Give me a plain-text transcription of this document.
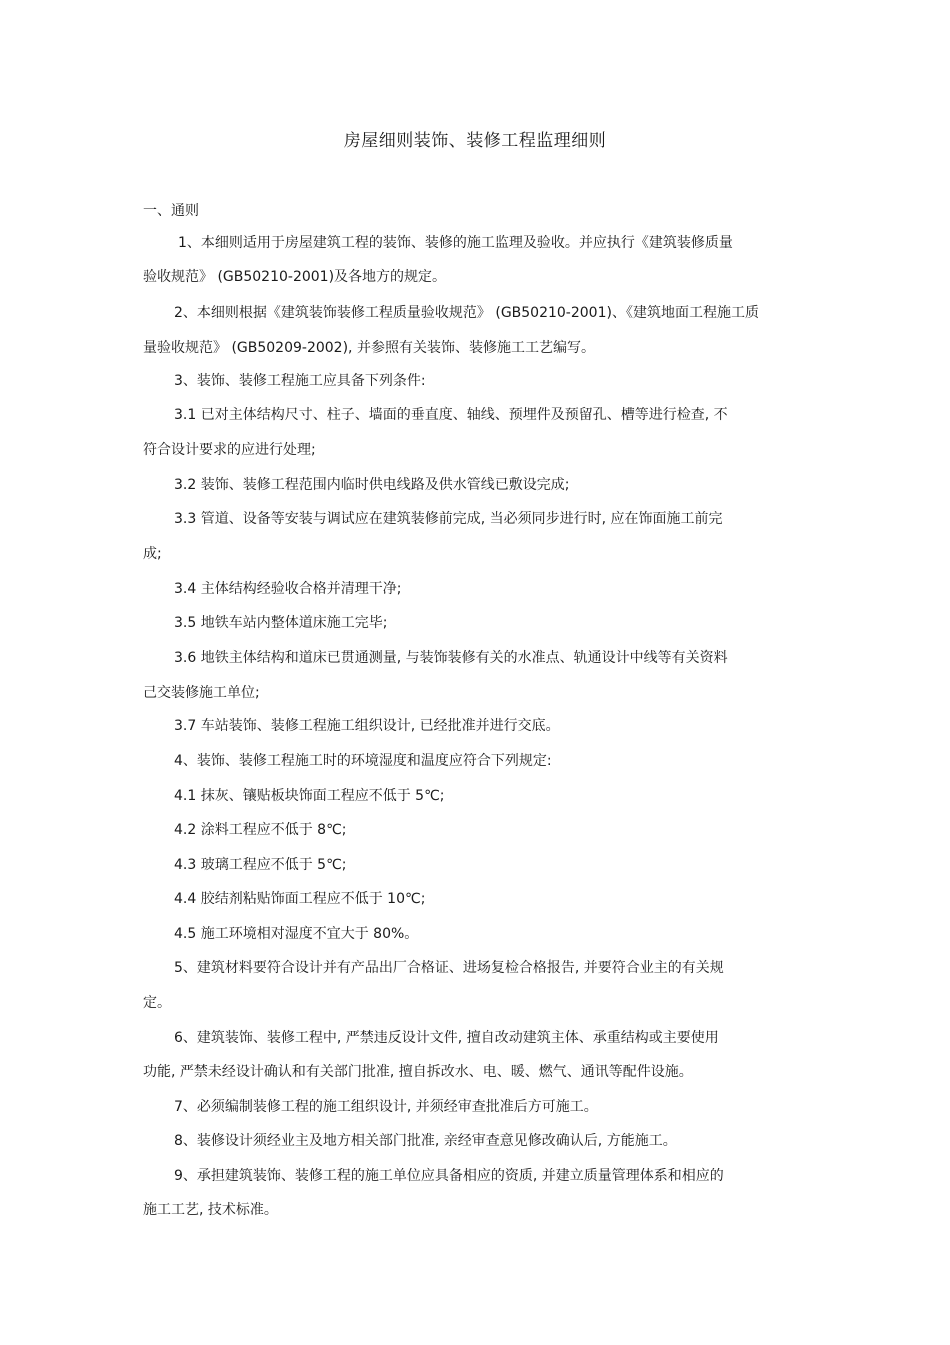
房屋细则装饰、装修工程监理细则
一、通则
1、本细则适用于房屋建筑工程的装饰、装修的施工监理及验收。并应执行《建筑装修质量
验收规范》 (GB50210-2001)及各地方的规定。
2、本细则根据《建筑装饰装修工程质量验收规范》 (GB50210-2001)、《建筑地面工程施工质
量验收规范》 (GB50209-2002), 并参照有关装饰、装修施工工艺编写。
3、装饰、装修工程施工应具备下列条件:
3.1 已对主体结构尺寸、柱子、墙面的垂直度、轴线、预埋件及预留孔、槽等进行检查, 不
符合设计要求的应进行处理;
3.2 装饰、装修工程范围内临时供电线路及供水管线已敷设完成;
3.3 管道、设备等安装与调试应在建筑装修前完成, 当必须同步进行时, 应在饰面施工前完
成;
3.4 主体结构经验收合格并清理干净;
3.5 地铁车站内整体道床施工完毕;
3.6 地铁主体结构和道床已贯通测量, 与装饰装修有关的水准点、轨通设计中线等有关资料
己交装修施工单位;
3.7 车站装饰、装修工程施工组织设计, 已经批准并进行交底。
4、装饰、装修工程施工时的环境湿度和温度应符合下列规定:
4.1 抹灰、镶贴板块饰面工程应不低于 5℃;
4.2 涂料工程应不低于 8℃;
4.3 玻璃工程应不低于 5℃;
4.4 胶结剂粘贴饰面工程应不低于 10℃;
4.5 施工环境相对湿度不宜大于 80%。
5、建筑材料要符合设计并有产品出厂合格证、进场复检合格报告, 并要符合业主的有关规
定。
6、建筑装饰、装修工程中, 严禁违反设计文件, 擅自改动建筑主体、承重结构或主要使用
功能, 严禁未经设计确认和有关部门批准, 擅自拆改水、电、暖、燃气、通讯等配件设施。
7、必须编制装修工程的施工组织设计, 并须经审查批准后方可施工。
8、装修设计须经业主及地方相关部门批准, 亲经审查意见修改确认后, 方能施工。
9、承担建筑装饰、装修工程的施工单位应具备相应的资质, 并建立质量管理体系和相应的
施工工艺, 技术标准。
